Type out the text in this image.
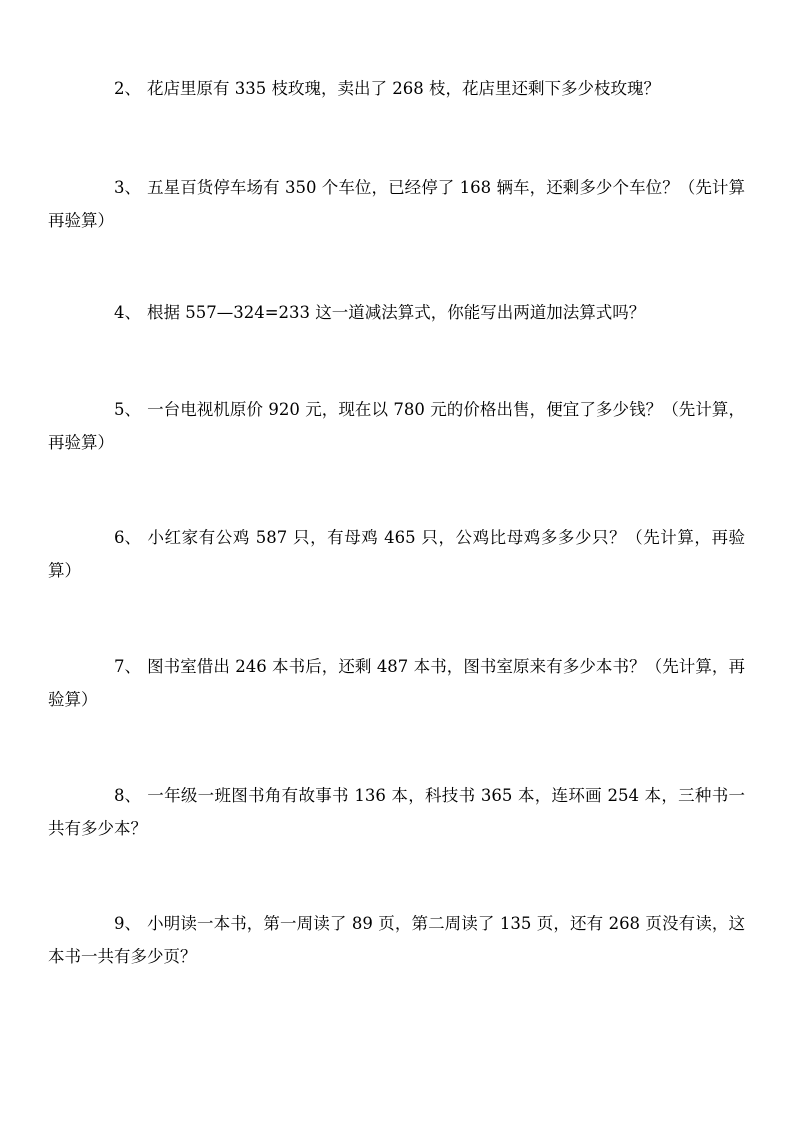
2、 花店里原有 335 枝玫瑰，卖出了 268 枝，花店里还剩下多少枝玫瑰？

3、 五星百货停车场有 350 个车位，已经停了 168 辆车，还剩多少个车位？（先计算再验算）

4、 根据 557—324=233 这一道减法算式，你能写出两道加法算式吗？

5、 一台电视机原价 920 元，现在以 780 元的价格出售，便宜了多少钱？（先计算，再验算）

6、 小红家有公鸡 587 只，有母鸡 465 只，公鸡比母鸡多多少只？（先计算，再验算）

7、 图书室借出 246 本书后，还剩 487 本书，图书室原来有多少本书？（先计算，再验算）

8、 一年级一班图书角有故事书 136 本，科技书 365 本，连环画 254 本，三种书一共有多少本？

9、 小明读一本书，第一周读了 89 页，第二周读了 135 页，还有 268 页没有读，这本书一共有多少页？
